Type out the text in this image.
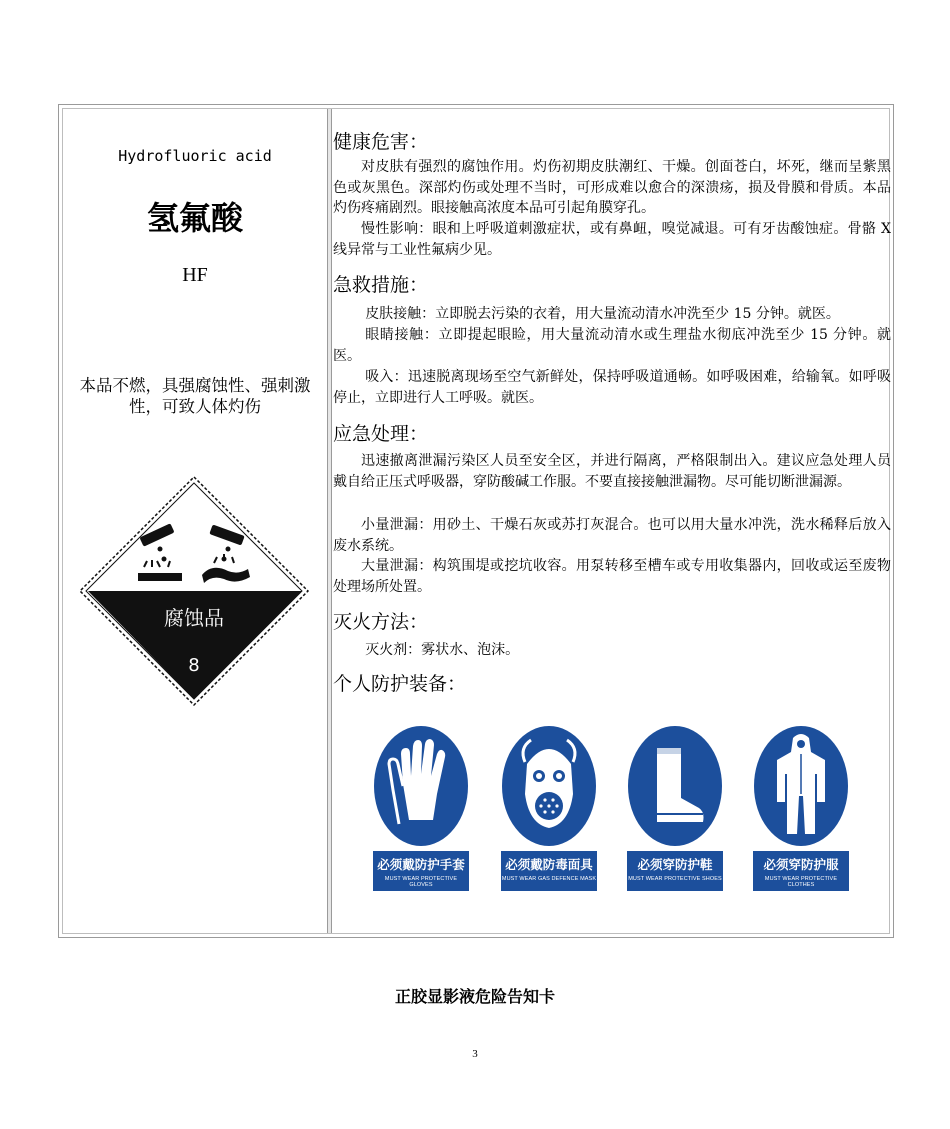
Hydrofluoric acid
氢氟酸
HF
本品不燃，具强腐蚀性、强刺激性，可致人体灼伤
腐蚀品
8
健康危害：
对皮肤有强烈的腐蚀作用。灼伤初期皮肤潮红、干燥。创面苍白，坏死，继而呈紫黑色或灰黑色。深部灼伤或处理不当时，可形成难以愈合的深溃疡，损及骨膜和骨质。本品灼伤疼痛剧烈。眼接触高浓度本品可引起角膜穿孔。
慢性影响：眼和上呼吸道刺激症状，或有鼻衄，嗅觉减退。可有牙齿酸蚀症。骨骼 X 线异常与工业性氟病少见。
急救措施：
皮肤接触：立即脱去污染的衣着，用大量流动清水冲洗至少 15 分钟。就医。
眼睛接触：立即提起眼睑，用大量流动清水或生理盐水彻底冲洗至少 15 分钟。就医。
吸入：迅速脱离现场至空气新鲜处，保持呼吸道通畅。如呼吸困难，给输氧。如呼吸停止，立即进行人工呼吸。就医。
应急处理：
迅速撤离泄漏污染区人员至安全区，并进行隔离，严格限制出入。建议应急处理人员戴自给正压式呼吸器，穿防酸碱工作服。不要直接接触泄漏物。尽可能切断泄漏源。
小量泄漏：用砂土、干燥石灰或苏打灰混合。也可以用大量水冲洗，洗水稀释后放入废水系统。
大量泄漏：构筑围堤或挖坑收容。用泵转移至槽车或专用收集器内，回收或运至废物处理场所处置。
灭火方法：
灭火剂：雾状水、泡沫。
个人防护装备：
必须戴防护手套
MUST WEAR PROTECTIVE GLOVES
必须戴防毒面具
MUST WEAR GAS DEFENCE MASK
必须穿防护鞋
MUST WEAR PROTECTIVE SHOES
必须穿防护服
MUST WEAR PROTECTIVE CLOTHES
正胶显影液危险告知卡
3
